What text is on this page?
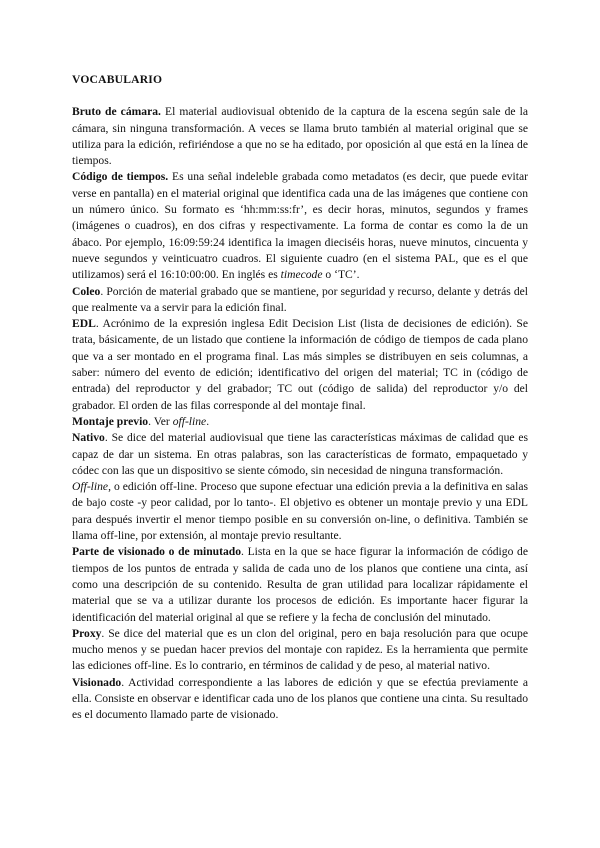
VOCABULARIO

Bruto de cámara. El material audiovisual obtenido de la captura de la escena según sale de la cámara, sin ninguna transformación. A veces se llama bruto también al material original que se utiliza para la edición, refiriéndose a que no se ha editado, por oposición al que está en la línea de tiempos.

Código de tiempos. Es una señal indeleble grabada como metadatos (es decir, que puede evitar verse en pantalla) en el material original que identifica cada una de las imágenes que contiene con un número único. Su formato es ‘hh:mm:ss:fr’, es decir horas, minutos, segundos y frames (imágenes o cuadros), en dos cifras y respectivamente. La forma de contar es como la de un ábaco. Por ejemplo, 16:09:59:24 identifica la imagen dieciséis horas, nueve minutos, cincuenta y nueve segundos y veinticuatro cuadros. El siguiente cuadro (en el sistema PAL, que es el que utilizamos) será el 16:10:00:00. En inglés es timecode o ‘TC’.

Coleo. Porción de material grabado que se mantiene, por seguridad y recurso, delante y detrás del que realmente va a servir para la edición final.

EDL. Acrónimo de la expresión inglesa Edit Decision List (lista de decisiones de edición). Se trata, básicamente, de un listado que contiene la información de código de tiempos de cada plano que va a ser montado en el programa final. Las más simples se distribuyen en seis columnas, a saber: número del evento de edición; identificativo del origen del material; TC in (código de entrada) del reproductor y del grabador; TC out (código de salida) del reproductor y/o del grabador. El orden de las filas corresponde al del montaje final.

Montaje previo. Ver off-line.

Nativo. Se dice del material audiovisual que tiene las características máximas de calidad que es capaz de dar un sistema. En otras palabras, son las características de formato, empaquetado y códec con las que un dispositivo se siente cómodo, sin necesidad de ninguna transformación.

Off-line, o edición off-line. Proceso que supone efectuar una edición previa a la definitiva en salas de bajo coste -y peor calidad, por lo tanto-. El objetivo es obtener un montaje previo y una EDL para después invertir el menor tiempo posible en su conversión on-line, o definitiva. También se llama off-line, por extensión, al montaje previo resultante.

Parte de visionado o de minutado. Lista en la que se hace figurar la información de código de tiempos de los puntos de entrada y salida de cada uno de los planos que contiene una cinta, así como una descripción de su contenido. Resulta de gran utilidad para localizar rápidamente el material que se va a utilizar durante los procesos de edición. Es importante hacer figurar la identificación del material original al que se refiere y la fecha de conclusión del minutado.

Proxy. Se dice del material que es un clon del original, pero en baja resolución para que ocupe mucho menos y se puedan hacer previos del montaje con rapidez. Es la herramienta que permite las ediciones off-line. Es lo contrario, en términos de calidad y de peso, al material nativo.

Visionado. Actividad correspondiente a las labores de edición y que se efectúa previamente a ella. Consiste en observar e identificar cada uno de los planos que contiene una cinta. Su resultado es el documento llamado parte de visionado.
